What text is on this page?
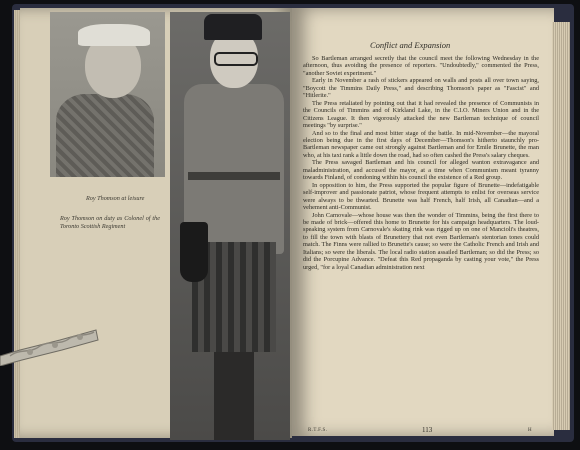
Roy Thomson at leisure
Roy Thomson on duty as Colonel of the Toronto Scottish Regiment
Conflict and Expansion

So Bartleman arranged secretly that the council meet the following Wednesday in the afternoon, thus avoiding the presence of reporters. "Undoubtedly," commented the Press, "another Soviet experiment."

Early in November a rash of stickers appeared on walls and posts all over town saying, "Boycott the Timmins Daily Press," and describing Thomson's paper as "Fascist" and "Hitlerite."

The Press retaliated by pointing out that it had revealed the presence of Communists in the Councils of Timmins and of Kirkland Lake, in the C.I.O. Miners Union and in the Citizens League. It then vigorously attacked the new Bartleman technique of council meetings "by surprise."

And so to the final and most bitter stage of the battle. In mid-November—the mayoral election being due in the first days of December—Thomson's hitherto staunchly pro-Bartleman newspaper came out strongly against Bartleman and for Emile Brunette, the man who, at his taxi rank a little down the road, had so often cashed the Press's salary cheques.

The Press savaged Bartleman and his council for alleged wanton extravagance and maladministration, and accused the mayor, at a time when Communism meant tyranny towards Finland, of condoning within his council the existence of a Red group.

In opposition to him, the Press supported the popular figure of Brunette—indefatigable self-improver and passionate patriot, whose frequent attempts to enlist for overseas service were always to be thwarted. Brunette was half French, half Irish, all Canadian—and a vehement anti-Communist.

John Carnovale—whose house was then the wonder of Timmins, being the first there to be made of brick—offered this home to Brunette for his campaign headquarters. The loud-speaking system from Carnovale's skating rink was rigged up on one of Mancioli's theatres, to fill the town with blasts of Brunettery that not even Bartleman's stentorian tones could match. The Finns were rallied to Brunette's cause; so were the Catholic French and Irish and Italians; so were the liberals. The local radio station assailed Bartleman; so did the Press; so did the Porcupine Advance. "Defeat this Red propaganda by casting your vote," the Press urged, "for a loyal Canadian administration next

R.T.F.S.	113	H
